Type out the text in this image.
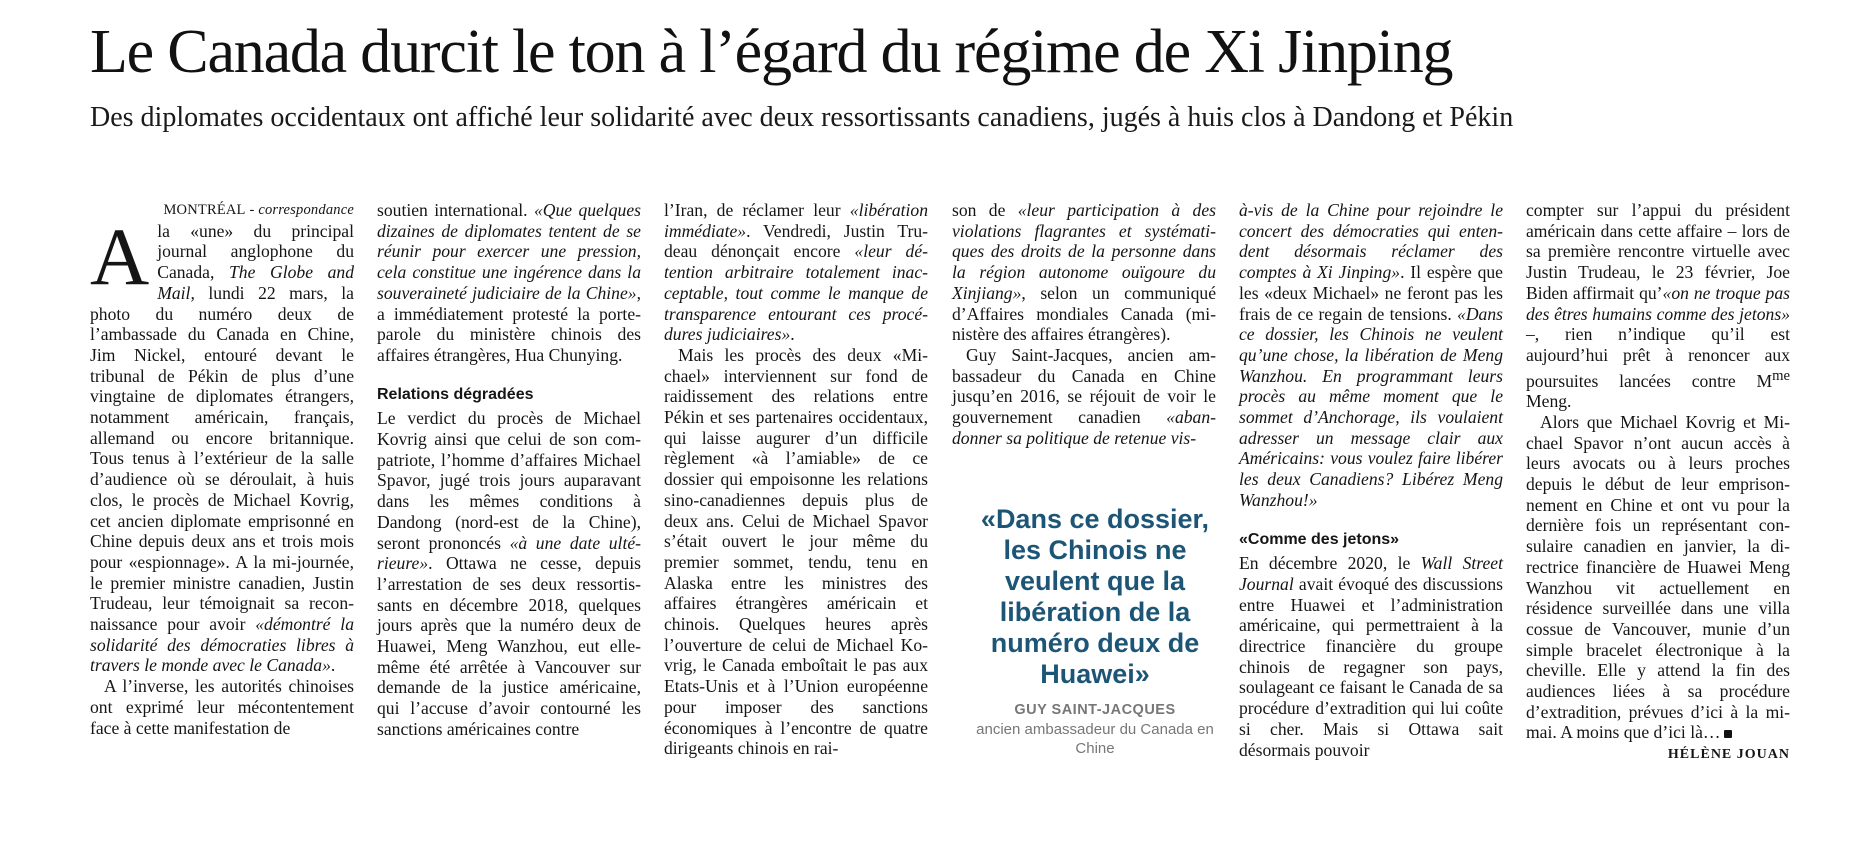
Le Canada durcit le ton à l’égard du régime de Xi Jinping

Des diplomates occidentaux ont affiché leur solidarité avec deux ressortissants canadiens, jugés à huis clos à Dandong et Pékin

MONTRÉAL - correspondance

Ala «une» du principal journal anglophone du Canada, The Globe and Mail, lundi 22 mars, la photo du numéro deux de l’ambassade du Canada en Chine, Jim Nickel, entouré devant le tribunal de Pékin de plus d’une vingtaine de diplomates étrangers, notamment américain, français, allemand ou encore britannique. Tous tenus à l’extérieur de la salle d’audience où se déroulait, à huis clos, le procès de Michael Kovrig, cet ancien diplomate emprisonné en Chine depuis deux ans et trois mois pour «espionnage». A la mi-journée, le premier ministre canadien, Justin Trudeau, leur témoignait sa reconnaissance pour avoir «démontré la solidarité des démocraties libres à travers le monde avec le Canada».

A l’inverse, les autorités chinoises ont exprimé leur mécontentement face à cette manifestation de

soutien international. «Que quelques dizaines de diplomates tentent de se réunir pour exercer une pression, cela constitue une ingérence dans la souveraineté judiciaire de la Chine», a immédiatement protesté la porte-parole du ministère chinois des affaires étrangères, Hua Chunying.

Relations dégradées

Le verdict du procès de Michael Kovrig ainsi que celui de son compatriote, l’homme d’affaires Michael Spavor, jugé trois jours auparavant dans les mêmes conditions à Dandong (nord-est de la Chine), seront prononcés «à une date ultérieure». Ottawa ne cesse, depuis l’arrestation de ses deux ressortissants en décembre 2018, quelques jours après que la numéro deux de Huawei, Meng Wanzhou, eut elle-même été arrêtée à Vancouver sur demande de la justice américaine, qui l’accuse d’avoir contourné les sanctions américaines contre

l’Iran, de réclamer leur «libération immédiate». Vendredi, Justin Trudeau dénonçait encore «leur détention arbitraire totalement inacceptable, tout comme le manque de transparence entourant ces procédures judiciaires».

Mais les procès des deux «Michael» interviennent sur fond de raidissement des relations entre Pékin et ses partenaires occidentaux, qui laisse augurer d’un difficile règlement «à l’amiable» de ce dossier qui empoisonne les relations sino-canadiennes depuis plus de deux ans. Celui de Michael Spavor s’était ouvert le jour même du premier sommet, tendu, tenu en Alaska entre les ministres des affaires étrangères américain et chinois. Quelques heures après l’ouverture de celui de Michael Kovrig, le Canada emboîtait le pas aux Etats-Unis et à l’Union européenne pour imposer des sanctions économiques à l’encontre de quatre dirigeants chinois en rai-

son de «leur participation à des violations flagrantes et systématiques des droits de la personne dans la région autonome ouïgoure du Xinjiang», selon un communiqué d’Affaires mondiales Canada (ministère des affaires étrangères).

Guy Saint-Jacques, ancien ambassadeur du Canada en Chine jusqu’en 2016, se réjouit de voir le gouvernement canadien «abandonner sa politique de retenue vis-

à-vis de la Chine pour rejoindre le concert des démocraties qui entendent désormais réclamer des comptes à Xi Jinping». Il espère que les «deux Michael» ne feront pas les frais de ce regain de tensions. «Dans ce dossier, les Chinois ne veulent qu’une chose, la libération de Meng Wanzhou. En programmant leurs procès au même moment que le sommet d’Anchorage, ils voulaient adresser un message clair aux Américains: vous voulez faire libérer les deux Canadiens? Libérez Meng Wanzhou!»

«Comme des jetons»

En décembre 2020, le Wall Street Journal avait évoqué des discussions entre Huawei et l’administration américaine, qui permettraient à la directrice financière du groupe chinois de regagner son pays, soulageant ce faisant le Canada de sa procédure d’extradition qui lui coûte si cher. Mais si Ottawa sait désormais pouvoir

compter sur l’appui du président américain dans cette affaire – lors de sa première rencontre virtuelle avec Justin Trudeau, le 23 février, Joe Biden affirmait qu’«on ne troque pas des êtres humains comme des jetons» –, rien n’indique qu’il est aujourd’hui prêt à renoncer aux poursuites lancées contre $M^{me}$ Meng.

Alors que Michael Kovrig et Michael Spavor n’ont aucun accès à leurs avocats ou à leurs proches depuis le début de leur emprisonnement en Chine et ont vu pour la dernière fois un représentant consulaire canadien en janvier, la directrice financière de Huawei Meng Wanzhou vit actuellement en résidence surveillée dans une villa cossue de Vancouver, munie d’un simple bracelet électronique à la cheville. Elle y attend la fin des audiences liées à sa procédure d’extradition, prévues d’ici à la mi-mai. A moins que d’ici là…

HÉLÈNE JOUAN

«Dans ce dossier, les Chinois ne veulent que la libération de la numéro deux de Huawei»

GUY SAINT-JACQUES
ancien ambassadeur du Canada en Chine
